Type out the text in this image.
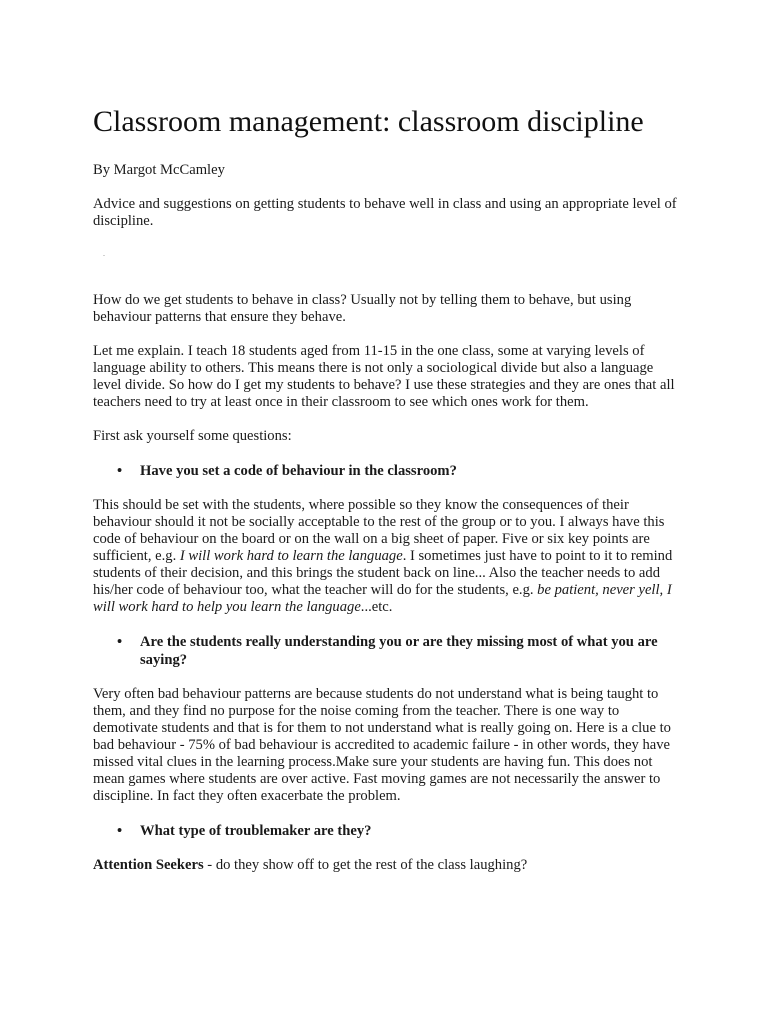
Classroom management: classroom discipline

By Margot McCamley

Advice and suggestions on getting students to behave well in class and using an appropriate level of discipline.

.

How do we get students to behave in class? Usually not by telling them to behave, but using behaviour patterns that ensure they behave.

Let me explain. I teach 18 students aged from 11-15 in the one class, some at varying levels of language ability to others. This means there is not only a sociological divide but also a language level divide. So how do I get my students to behave? I use these strategies and they are ones that all teachers need to try at least once in their classroom to see which ones work for them.

First ask yourself some questions:

• Have you set a code of behaviour in the classroom?

This should be set with the students, where possible so they know the consequences of their behaviour should it not be socially acceptable to the rest of the group or to you. I always have this code of behaviour on the board or on the wall on a big sheet of paper. Five or six key points are sufficient, e.g. I will work hard to learn the language. I sometimes just have to point to it to remind students of their decision, and this brings the student back on line... Also the teacher needs to add his/her code of behaviour too, what the teacher will do for the students, e.g. be patient, never yell, I will work hard to help you learn the language...etc.

• Are the students really understanding you or are they missing most of what you are saying?

Very often bad behaviour patterns are because students do not understand what is being taught to them, and they find no purpose for the noise coming from the teacher. There is one way to demotivate students and that is for them to not understand what is really going on. Here is a clue to bad behaviour - 75% of bad behaviour is accredited to academic failure - in other words, they have missed vital clues in the learning process.Make sure your students are having fun. This does not mean games where students are over active. Fast moving games are not necessarily the answer to discipline. In fact they often exacerbate the problem.

• What type of troublemaker are they?

Attention Seekers - do they show off to get the rest of the class laughing?
